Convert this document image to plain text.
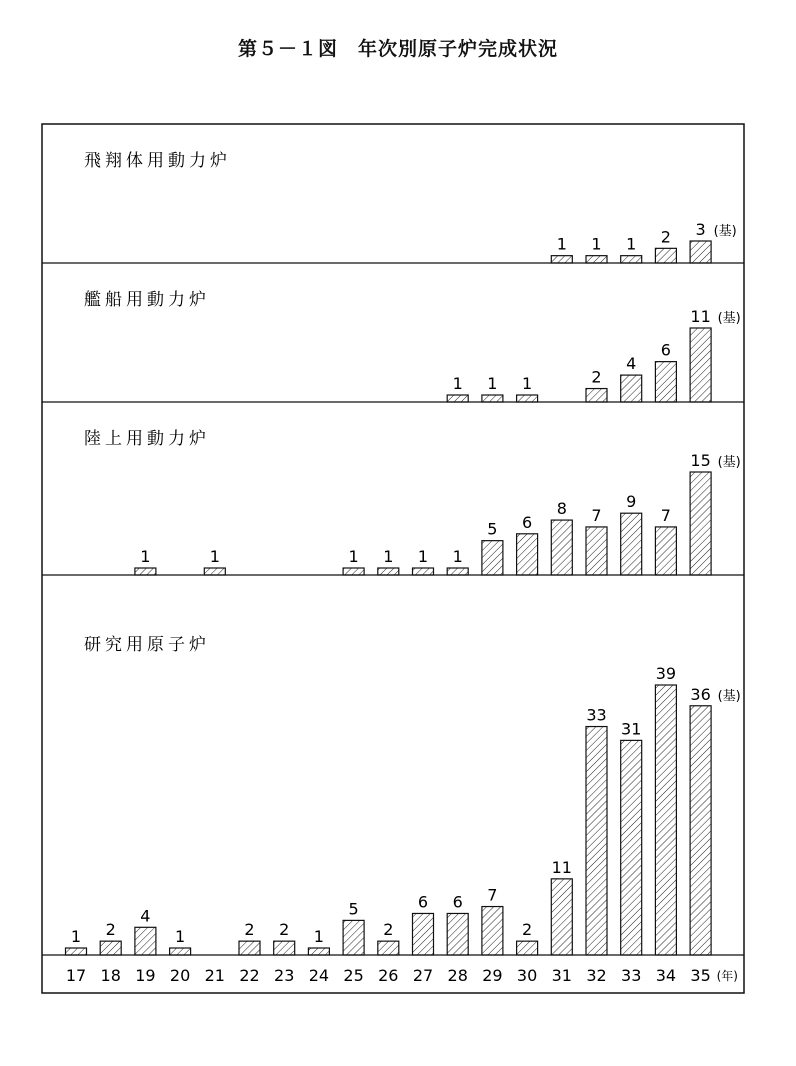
第５－１図　年次別原子炉完成状況
飛翔体用動力炉
1 1 1 2 3 (基)
艦船用動力炉
1 1 1	2
4
6
11 (基)
陸上用動力炉
1	1	1 1 1 1
5 6
8 7
9
7
15 (基)
研究用原子炉
1 2
4
1	2 2 1
5
2
6 6 7
2
11
33
31
39
36 (基)
17 18 19 20 21 22 23 24 25 26 27 28 29 30 31 32 33 34 35 (年)
